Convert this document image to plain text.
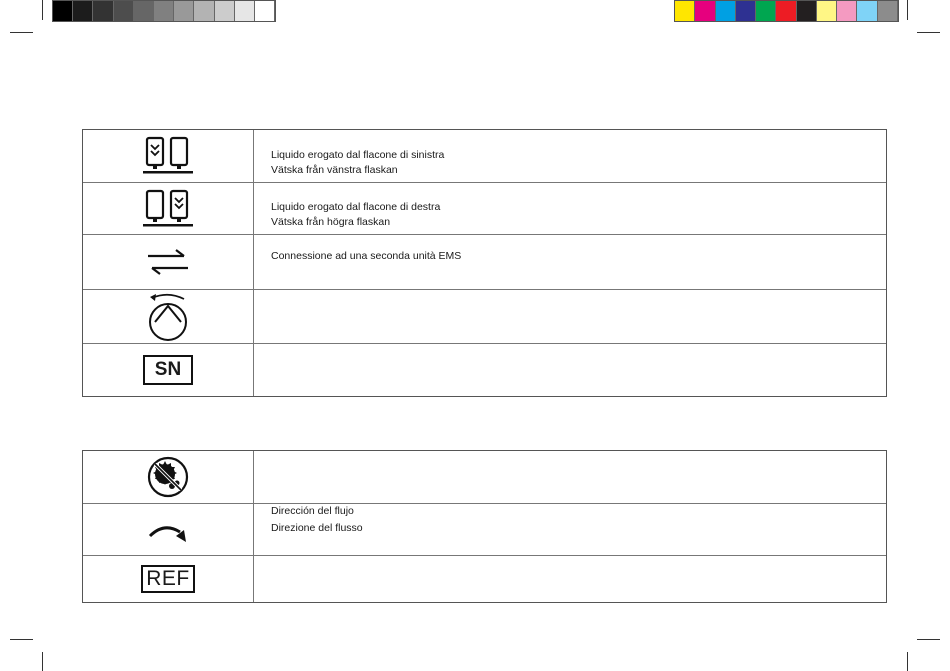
Liquido erogato dal flacone di sinistra
Vätska från vänstra flaskan
Liquido erogato dal flacone di destra
Vätska från högra flaskan
Connessione ad una seconda unità EMS
SN
Dirección del flujo
Direzione del flusso
REF
